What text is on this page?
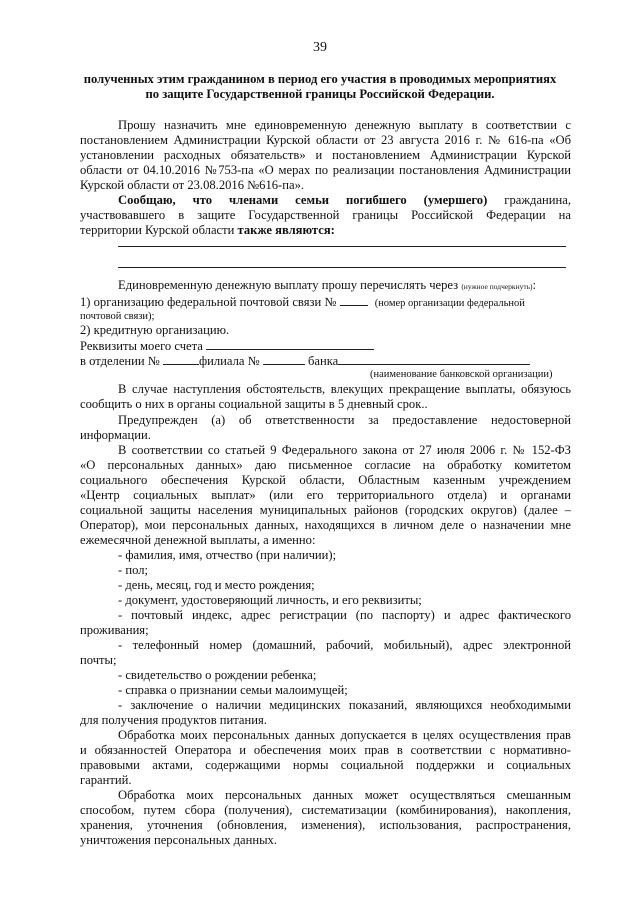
39
полученных этим гражданином в период его участия в проводимых мероприятиях
по защите Государственной границы Российской Федерации.
Прошу назначить мне единовременную денежную выплату в соответствии с
постановлением Администрации Курской области от 23 августа 2016 г. № 616-па «Об
установлении расходных обязательств» и постановлением Администрации Курской
области от 04.10.2016 №753-па «О мерах по реализации постановления Администрации
Курской области от 23.08.2016 №616-па».
Сообщаю, что членами семьи погибшего (умершего) гражданина,
участвовавшего в защите Государственной границы Российской Федерации на
территории Курской области также являются:
Единовременную денежную выплату прошу перечислять через (нужное подчеркнуть):
1) организацию федеральной почтовой связи №	(номер организации федеральной
почтовой связи);
2) кредитную организацию.
Реквизиты моего счета
в отделении №	филиала №	банка
(наименование банковской организации)
В случае наступления обстоятельств, влекущих прекращение выплаты, обязуюсь
сообщить о них в органы социальной защиты в 5 дневный срок..
Предупрежден (а) об ответственности за предоставление недостоверной
информации.
В соответствии со статьей 9 Федерального закона от 27 июля 2006 г. № 152-ФЗ
«О персональных данных» даю письменное согласие на обработку комитетом
социального обеспечения Курской области, Областным казенным учреждением
«Центр социальных выплат» (или его территориального отдела) и органами
социальной защиты населения муниципальных районов (городских округов) (далее –
Оператор), мои персональных данных, находящихся в личном деле о назначении мне
ежемесячной денежной выплаты, а именно:
- фамилия, имя, отчество (при наличии);
- пол;
- день, месяц, год и место рождения;
- документ, удостоверяющий личность, и его реквизиты;
- почтовый индекс, адрес регистрации (по паспорту) и адрес фактического
проживания;
- телефонный номер (домашний, рабочий, мобильный), адрес электронной
почты;
- свидетельство о рождении ребенка;
- справка о признании семьи малоимущей;
- заключение о наличии медицинских показаний, являющихся необходимыми
для получения продуктов питания.
Обработка моих персональных данных допускается в целях осуществления прав
и обязанностей Оператора и обеспечения моих прав в соответствии с нормативно-
правовыми актами, содержащими нормы социальной поддержки и социальных
гарантий.
Обработка моих персональных данных может осуществляться смешанным
способом, путем сбора (получения), систематизации (комбинирования), накопления,
хранения, уточнения (обновления, изменения), использования, распространения,
уничтожения персональных данных.
